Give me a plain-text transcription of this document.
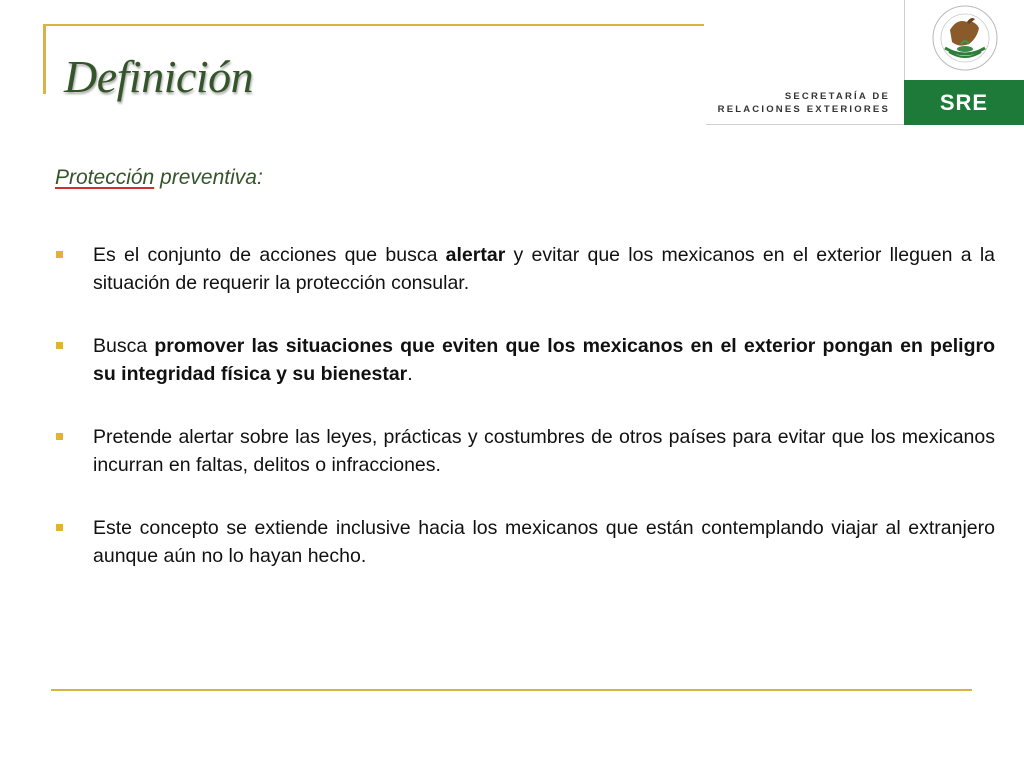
Definición	SECRETARÍA DE
RELACIONES EXTERIORES	SRE
Protección preventiva:
Es el conjunto de acciones que busca alertar y evitar que los mexicanos en el exterior lleguen a la situación de requerir la protección consular.
Busca promover las situaciones que eviten que los mexicanos en el exterior pongan en peligro su integridad física y su bienestar.
Pretende alertar sobre las leyes, prácticas y costumbres de otros países para evitar que los mexicanos incurran en faltas, delitos o infracciones.
Este concepto se extiende inclusive hacia los mexicanos que están contemplando viajar al extranjero aunque aún no lo hayan hecho.
